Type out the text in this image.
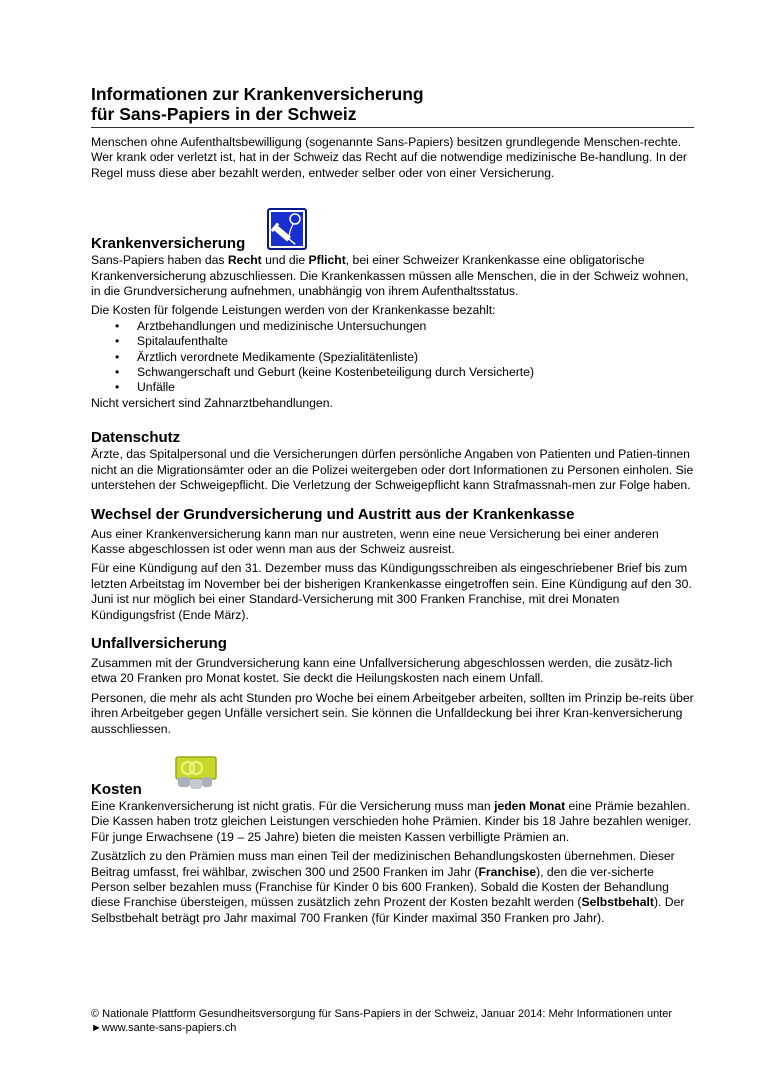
Informationen zur Krankenversicherung
für Sans-Papiers in der Schweiz

Menschen ohne Aufenthaltsbewilligung (sogenannte Sans-Papiers) besitzen grundlegende Menschen-rechte. Wer krank oder verletzt ist, hat in der Schweiz das Recht auf die notwendige medizinische Be-handlung. In der Regel muss diese aber bezahlt werden, entweder selber oder von einer Versicherung.

Krankenversicherung

Sans-Papiers haben das Recht und die Pflicht, bei einer Schweizer Krankenkasse eine obligatorische Krankenversicherung abzuschliessen. Die Krankenkassen müssen alle Menschen, die in der Schweiz wohnen, in die Grundversicherung aufnehmen, unabhängig von ihrem Aufenthaltsstatus.

Die Kosten für folgende Leistungen werden von der Krankenkasse bezahlt:

• Arztbehandlungen und medizinische Untersuchungen
• Spitalaufenthalte
• Ärztlich verordnete Medikamente (Spezialitätenliste)
• Schwangerschaft und Geburt (keine Kostenbeteiligung durch Versicherte)
• Unfälle

Nicht versichert sind Zahnarztbehandlungen.

Datenschutz

Ärzte, das Spitalpersonal und die Versicherungen dürfen persönliche Angaben von Patienten und Patien-tinnen nicht an die Migrationsämter oder an die Polizei weitergeben oder dort Informationen zu Personen einholen. Sie unterstehen der Schweigepflicht. Die Verletzung der Schweigepflicht kann Strafmassnah-men zur Folge haben.

Wechsel der Grundversicherung und Austritt aus der Krankenkasse

Aus einer Krankenversicherung kann man nur austreten, wenn eine neue Versicherung bei einer anderen Kasse abgeschlossen ist oder wenn man aus der Schweiz ausreist.

Für eine Kündigung auf den 31. Dezember muss das Kündigungsschreiben als eingeschriebener Brief bis zum letzten Arbeitstag im November bei der bisherigen Krankenkasse eingetroffen sein. Eine Kündigung auf den 30. Juni ist nur möglich bei einer Standard-Versicherung mit 300 Franken Franchise, mit drei Monaten Kündigungsfrist (Ende März).

Unfallversicherung

Zusammen mit der Grundversicherung kann eine Unfallversicherung abgeschlossen werden, die zusätz-lich etwa 20 Franken pro Monat kostet. Sie deckt die Heilungskosten nach einem Unfall.

Personen, die mehr als acht Stunden pro Woche bei einem Arbeitgeber arbeiten, sollten im Prinzip be-reits über ihren Arbeitgeber gegen Unfälle versichert sein. Sie können die Unfalldeckung bei ihrer Kran-kenversicherung ausschliessen.

Kosten

Eine Krankenversicherung ist nicht gratis. Für die Versicherung muss man jeden Monat eine Prämie bezahlen. Die Kassen haben trotz gleichen Leistungen verschieden hohe Prämien. Kinder bis 18 Jahre bezahlen weniger. Für junge Erwachsene (19 – 25 Jahre) bieten die meisten Kassen verbilligte Prämien an.

Zusätzlich zu den Prämien muss man einen Teil der medizinischen Behandlungskosten übernehmen. Dieser Beitrag umfasst, frei wählbar, zwischen 300 und 2500 Franken im Jahr (Franchise), den die ver-sicherte Person selber bezahlen muss (Franchise für Kinder 0 bis 600 Franken). Sobald die Kosten der Behandlung diese Franchise übersteigen, müssen zusätzlich zehn Prozent der Kosten bezahlt werden (Selbstbehalt). Der Selbstbehalt beträgt pro Jahr maximal 700 Franken (für Kinder maximal 350 Franken pro Jahr).

© Nationale Plattform Gesundheitsversorgung für Sans-Papiers in der Schweiz, Januar 2014: Mehr Informationen unter ►www.sante-sans-papiers.ch
